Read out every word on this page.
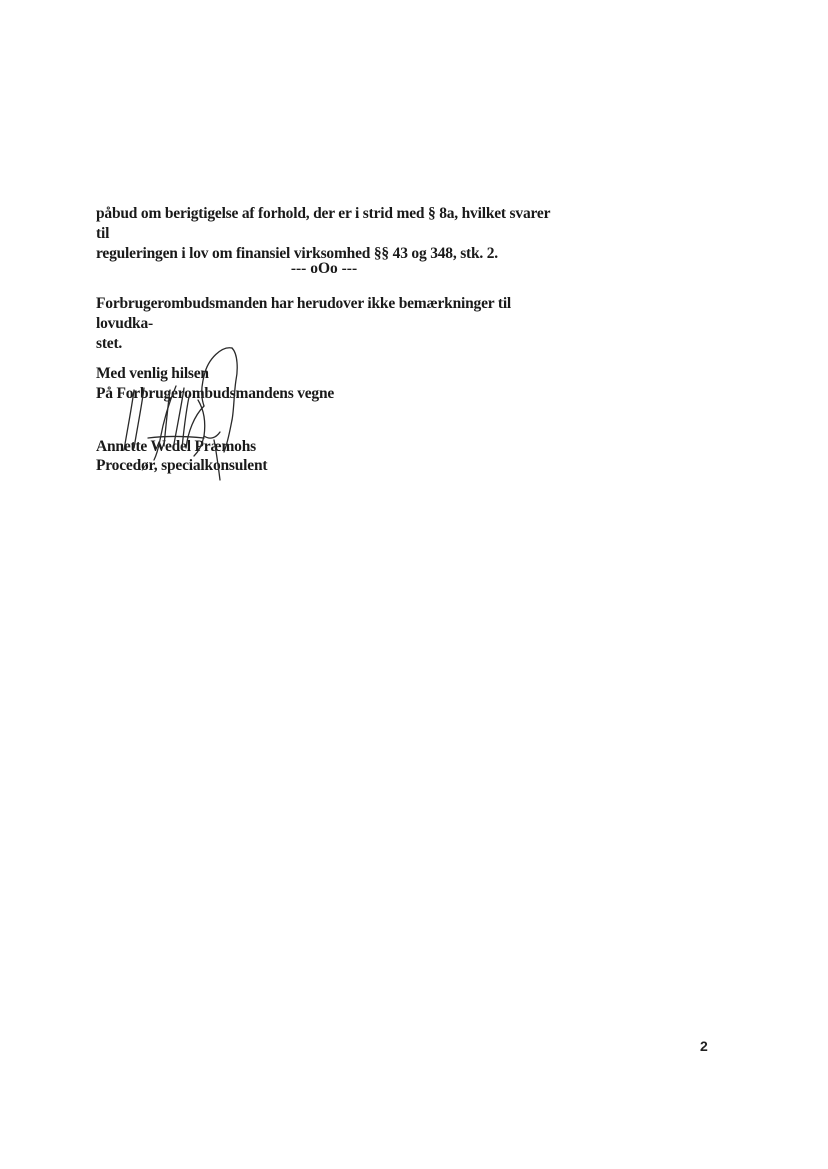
påbud om berigtigelse af forhold, der er i strid med § 8a, hvilket svarer til
reguleringen i lov om finansiel virksomhed §§ 43 og 348, stk. 2.
--- oOo ---
Forbrugerombudsmanden har herudover ikke bemærkninger til lovudka-
stet.
Med venlig hilsen
På Forbrugerombudsmandens vegne
Annette Wedel Præmohs
Procedør, specialkonsulent
2
